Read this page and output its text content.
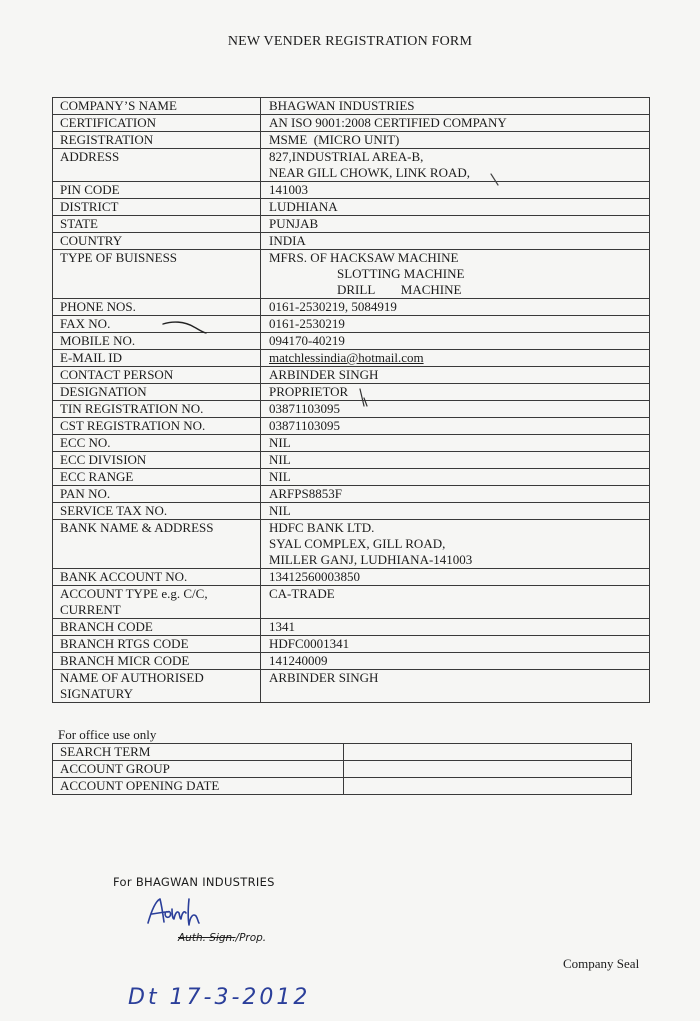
NEW VENDER REGISTRATION FORM
COMPANY’S NAME	BHAGWAN INDUSTRIES

CERTIFICATION	AN ISO 9001:2008 CERTIFIED COMPANY

REGISTRATION	MSME  (MICRO UNIT)

ADDRESS	827,INDUSTRIAL AREA-B,
NEAR GILL CHOWK, LINK ROAD,

PIN CODE	141003

DISTRICT	LUDHIANA

STATE	PUNJAB

COUNTRY	INDIA

TYPE OF BUISNESS	MFRS. OF HACKSAW MACHINE
SLOTTING MACHINE
DRILL        MACHINE

PHONE NOS.	0161-2530219, 5084919

FAX NO.	0161-2530219

MOBILE NO.	094170-40219

E-MAIL ID	matchlessindia@hotmail.com

CONTACT PERSON	ARBINDER SINGH

DESIGNATION	PROPRIETOR

TIN REGISTRATION NO.	03871103095

CST REGISTRATION NO.	03871103095

ECC NO.	NIL

ECC DIVISION	NIL

ECC RANGE	NIL

PAN NO.	ARFPS8853F

SERVICE TAX NO.	NIL

BANK NAME & ADDRESS	HDFC BANK LTD.
SYAL COMPLEX, GILL ROAD,
MILLER GANJ, LUDHIANA-141003

BANK ACCOUNT NO.	13412560003850

ACCOUNT TYPE e.g. C/C,
CURRENT	CA-TRADE

BRANCH CODE	1341

BRANCH RTGS CODE	HDFC0001341

BRANCH MICR CODE	141240009

NAME OF AUTHORISED
SIGNATURY	ARBINDER SINGH
For office use only
SEARCH TERM	
ACCOUNT GROUP	
ACCOUNT OPENING DATE	
For BHAGWAN INDUSTRIES
Auth. Sign./Prop.
Company Seal
Dt 17-3-2012
